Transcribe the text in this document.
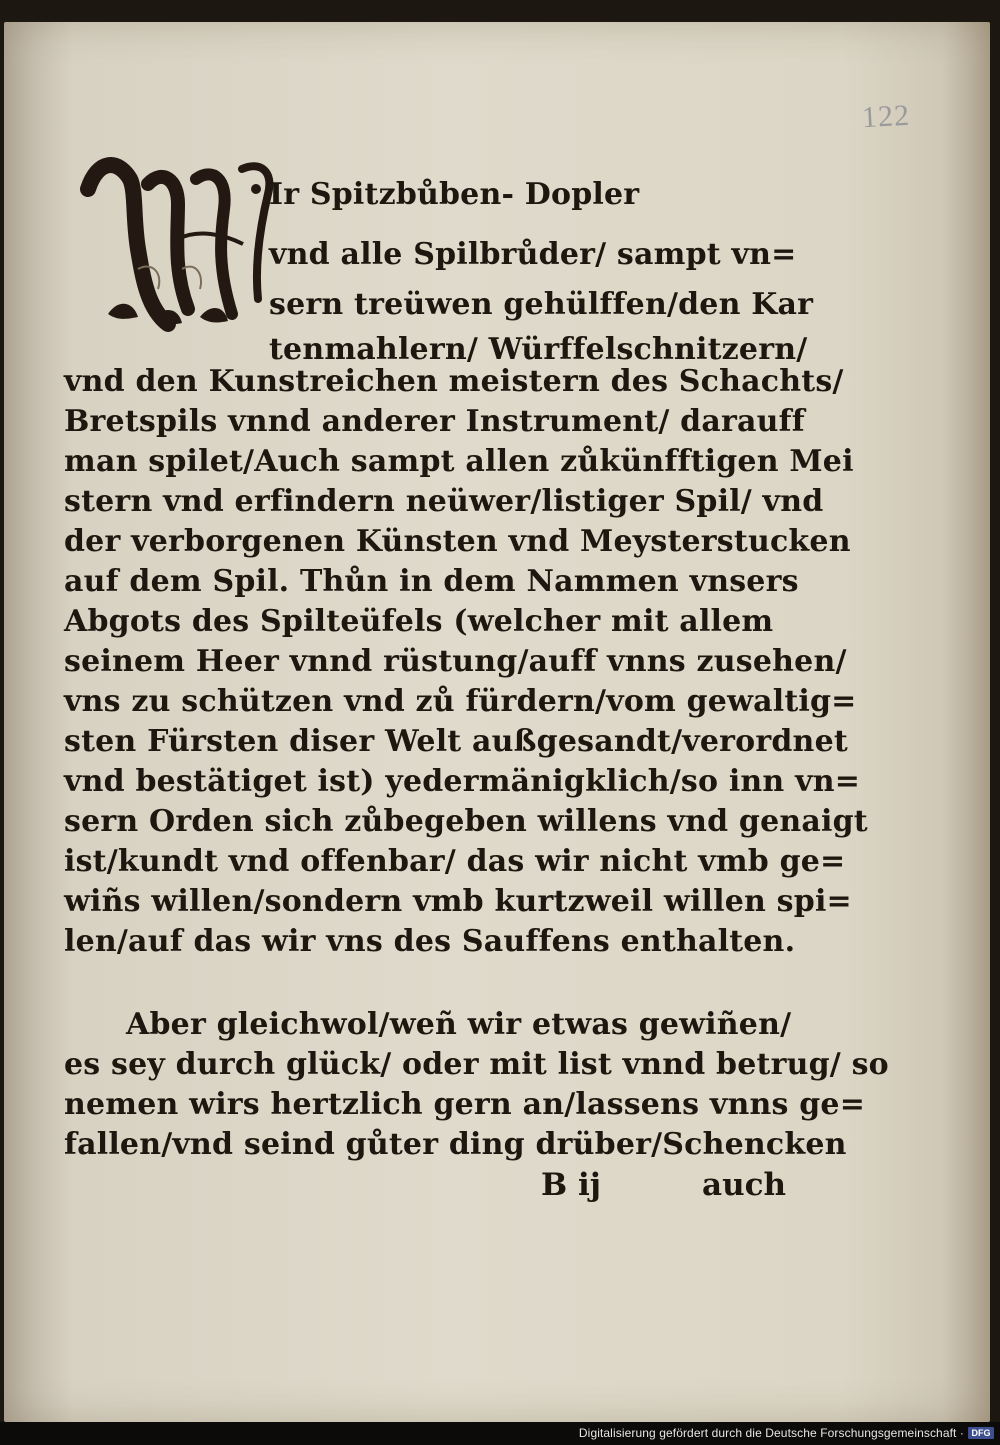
122
Ir Spitzbůben- Dopler
vnd alle Spilbrůder/ sampt vn=
sern treüwen gehülffen/den Kar
tenmahlern/ Würffelschnitzern/
vnd den Kunstreichen meistern des Schachts/
Bretspils vnnd anderer Instrument/ darauff
man spilet/Auch sampt allen zůkünfftigen Mei
stern vnd erfindern neüwer/listiger Spil/ vnd
der verborgenen Künsten vnd Meysterstucken
auf dem Spil. Thůn in dem Nammen vnsers
Abgots des Spilteüfels (welcher mit allem
seinem Heer vnnd rüstung/auff vnns zusehen/
vns zu schützen vnd zů fürdern/vom gewaltig=
sten Fürsten diser Welt außgesandt/verordnet
vnd bestätiget ist) yedermänigklich/so inn vn=
sern Orden sich zůbegeben willens vnd genaigt
ist/kundt vnd offenbar/ das wir nicht vmb ge=
wiñs willen/sondern vmb kurtzweil willen spi=
len/auf das wir vns des Sauffens enthalten.
Aber gleichwol/weñ wir etwas gewiñen/
es sey durch glück/ oder mit list vnnd betrug/ so
nemen wirs hertzlich gern an/lassens vnns ge=
fallen/vnd seind gůter ding drüber/Schencken
B ij	auch
Digitalisierung gefördert durch die Deutsche Forschungsgemeinschaft · DFG
